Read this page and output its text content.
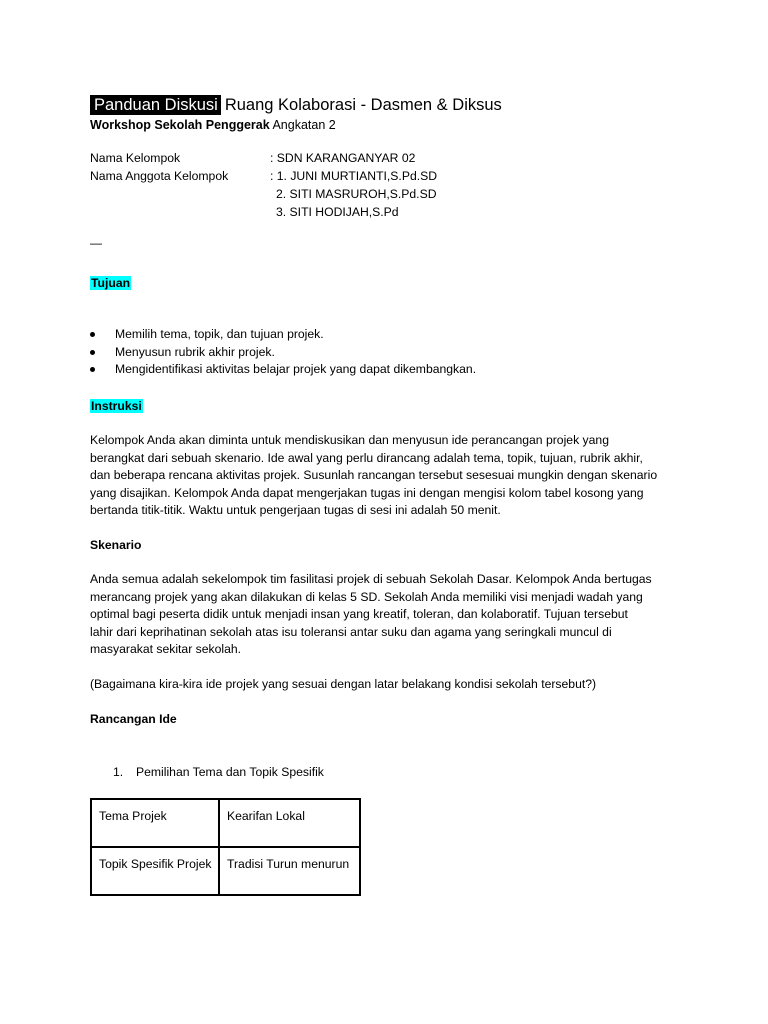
Panduan Diskusi Ruang Kolaborasi - Dasmen & Diksus
Workshop Sekolah Penggerak Angkatan 2
Nama Kelompok	: SDN KARANGANYAR 02
Nama Anggota Kelompok	: 1. JUNI MURTIANTI,S.Pd.SD
2. SITI MASRUROH,S.Pd.SD
3. SITI HODIJAH,S.Pd
—
Tujuan
Memilih tema, topik, dan tujuan projek.
Menyusun rubrik akhir projek.
Mengidentifikasi aktivitas belajar projek yang dapat dikembangkan.
Instruksi
Kelompok Anda akan diminta untuk mendiskusikan dan menyusun ide perancangan projek yang
berangkat dari sebuah skenario. Ide awal yang perlu dirancang adalah tema, topik, tujuan, rubrik akhir,
dan beberapa rencana aktivitas projek. Susunlah rancangan tersebut sesesuai mungkin dengan skenario
yang disajikan. Kelompok Anda dapat mengerjakan tugas ini dengan mengisi kolom tabel kosong yang
bertanda titik-titik. Waktu untuk pengerjaan tugas di sesi ini adalah 50 menit.
Skenario
Anda semua adalah sekelompok tim fasilitasi projek di sebuah Sekolah Dasar. Kelompok Anda bertugas
merancang projek yang akan dilakukan di kelas 5 SD. Sekolah Anda memiliki visi menjadi wadah yang
optimal bagi peserta didik untuk menjadi insan yang kreatif, toleran, dan kolaboratif. Tujuan tersebut
lahir dari keprihatinan sekolah atas isu toleransi antar suku dan agama yang seringkali muncul di
masyarakat sekitar sekolah.
(Bagaimana kira-kira ide projek yang sesuai dengan latar belakang kondisi sekolah tersebut?)
Rancangan Ide
1. Pemilihan Tema dan Topik Spesifik
Tema Projek	Kearifan Lokal
Topik Spesifik Projek	Tradisi Turun menurun
